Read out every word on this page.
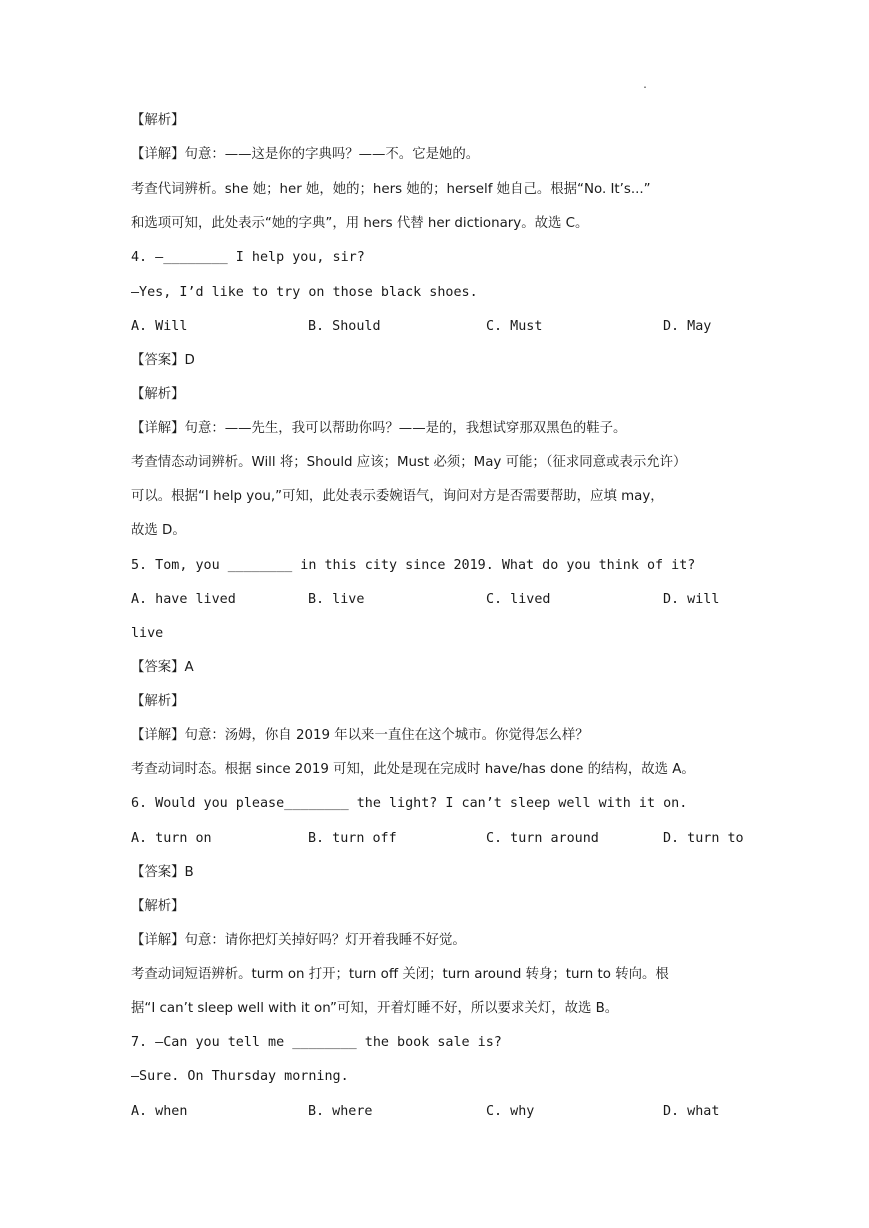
.
【解析】
【详解】句意：——这是你的字典吗？——不。它是她的。
考查代词辨析。she 她；her 她，她的；hers 她的；herself 她自己。根据“No. It’s...”
和选项可知，此处表示“她的字典”，用 hers 代替 her dictionary。故选 C。
4. —________ I help you, sir?
—Yes, I’d like to try on those black shoes.
A. Will	B. Should	C. Must	D. May
【答案】D
【解析】
【详解】句意：——先生，我可以帮助你吗？——是的，我想试穿那双黑色的鞋子。
考查情态动词辨析。Will 将；Should 应该；Must 必须；May 可能；（征求同意或表示允许）
可以。根据“I help you,”可知，此处表示委婉语气，询问对方是否需要帮助，应填 may，
故选 D。
5. Tom, you ________ in this city since 2019. What do you think of it?
A. have lived	B. live	C. lived	D. will
live
【答案】A
【解析】
【详解】句意：汤姆，你自 2019 年以来一直住在这个城市。你觉得怎么样？
考查动词时态。根据 since 2019 可知，此处是现在完成时 have/has done 的结构，故选 A。
6. Would you please________ the light? I can’t sleep well with it on.
A. turn on	B. turn off	C. turn around	D. turn to
【答案】B
【解析】
【详解】句意：请你把灯关掉好吗？灯开着我睡不好觉。
考查动词短语辨析。turm on 打开；turn off 关闭；turn around 转身；turn to 转向。根
据“I can’t sleep well with it on”可知，开着灯睡不好，所以要求关灯，故选 B。
7. —Can you tell me ________ the book sale is?
—Sure. On Thursday morning.
A. when	B. where	C. why	D. what
